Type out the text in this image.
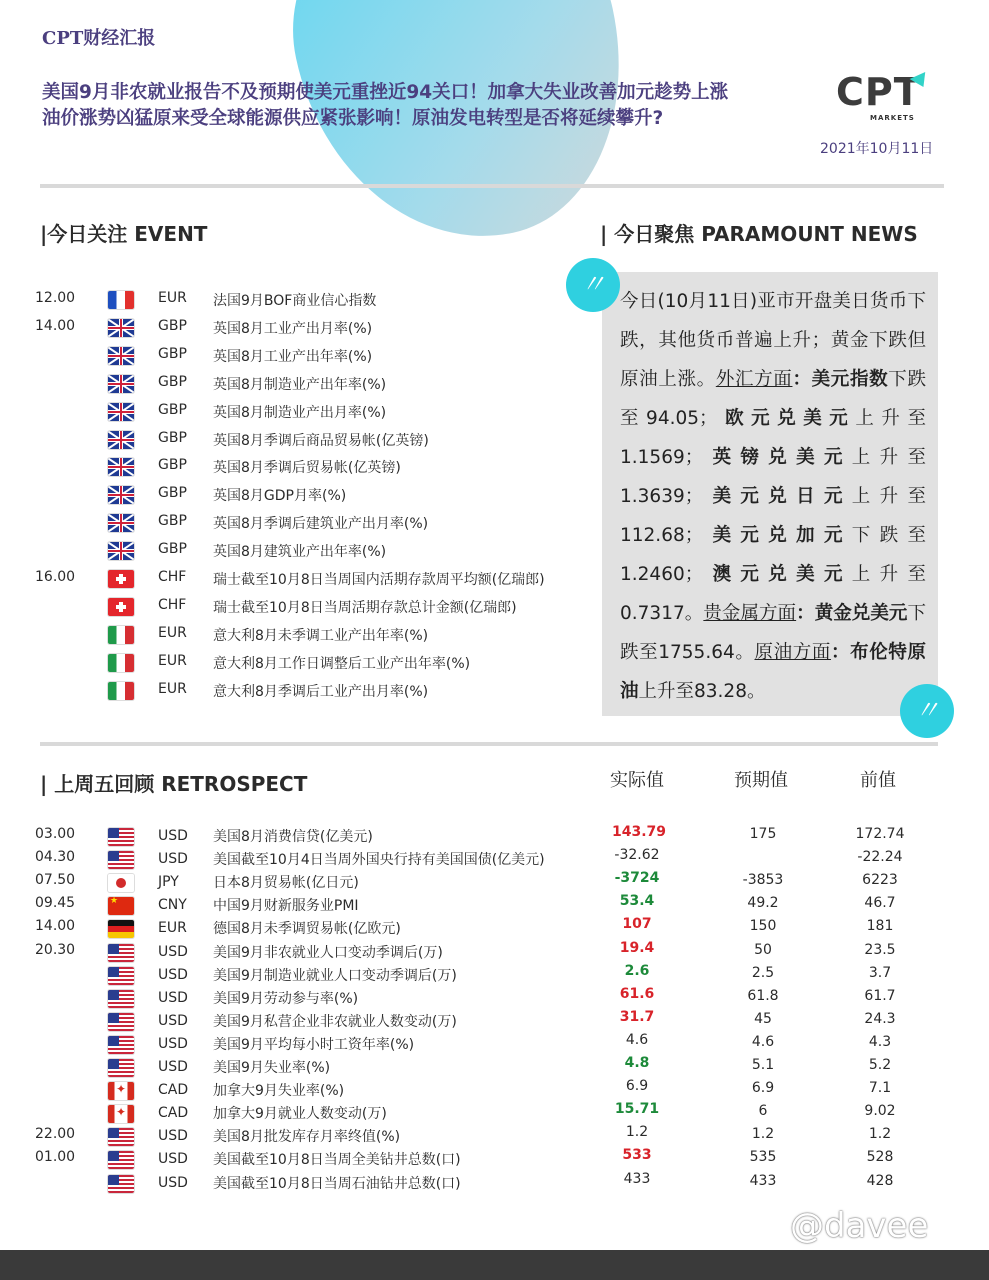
CPT财经汇报
美国9月非农就业报告不及预期使美元重挫近94关口！加拿大失业改善加元趁势上涨
油价涨势凶猛原来受全球能源供应紧张影响！原油发电转型是否将延续攀升?
CPT
MARKETS
2021年10月11日
|今日关注 EVENT	| 今日聚焦 PARAMOUNT NEWS
12.00	EUR 法国9月BOF商业信心指数
14.00	GBP 英国8月工业产出月率(%)
GBP 英国8月工业产出年率(%)
GBP 英国8月制造业产出年率(%)
GBP 英国8月制造业产出月率(%)
GBP 英国8月季调后商品贸易帐(亿英镑)
GBP 英国8月季调后贸易帐(亿英镑)
GBP 英国8月GDP月率(%)
GBP 英国8月季调后建筑业产出月率(%)
GBP 英国8月建筑业产出年率(%)
16.00	CHF 瑞士截至10月8日当周国内活期存款周平均额(亿瑞郎)
CHF 瑞士截至10月8日当周活期存款总计金额(亿瑞郎)
EUR 意大利8月未季调工业产出年率(%)
EUR 意大利8月工作日调整后工业产出年率(%)
EUR 意大利8月季调后工业产出月率(%)
今日(10月11日)亚市开盘美日货币下跌，其他货币普遍上升；黄金下跌但原油上涨。外汇方面：美元指数下跌至94.05；欧元兑美元上升至1.1569；英镑兑美元上升至1.3639；美元兑日元上升至112.68；美元兑加元下跌至1.2460；澳元兑美元上升至0.7317。贵金属方面：黄金兑美元下跌至1755.64。原油方面：布伦特原油上升至83.28。
〃
〃
| 上周五回顾 RETROSPECT	实际值	预期值	前值
03.00	USD 美国8月消费信贷(亿美元)	143.79	175	172.74
04.30	USD 美国截至10月4日当周外国央行持有美国国债(亿美元)	-32.62	-22.24
07.50	JPY 日本8月贸易帐(亿日元)	-3724	-3853	6223
09.45
★	CNY 中国9月财新服务业PMI	53.4	49.2	46.7
14.00	EUR 德国8月未季调贸易帐(亿欧元)	107	150	181
20.30	USD 美国9月非农就业人口变动季调后(万)	19.4	50	23.5
USD 美国9月制造业就业人口变动季调后(万)	2.6	2.5	3.7
USD 美国9月劳动参与率(%)	61.6	61.8	61.7
USD 美国9月私营企业非农就业人数变动(万)	31.7	45	24.3
USD 美国9月平均每小时工资年率(%)	4.6	4.6	4.3
USD 美国9月失业率(%)	4.8	5.1	5.2
✦
CAD 加拿大9月失业率(%)	6.9	6.9	7.1
✦
CAD 加拿大9月就业人数变动(万)	15.71	6	9.02
22.00	USD 美国8月批发库存月率终值(%)	1.2	1.2	1.2
01.00	USD 美国截至10月8日当周全美钻井总数(口)	533	535	528
USD 美国截至10月8日当周石油钻井总数(口)	433	433	428
@davee
